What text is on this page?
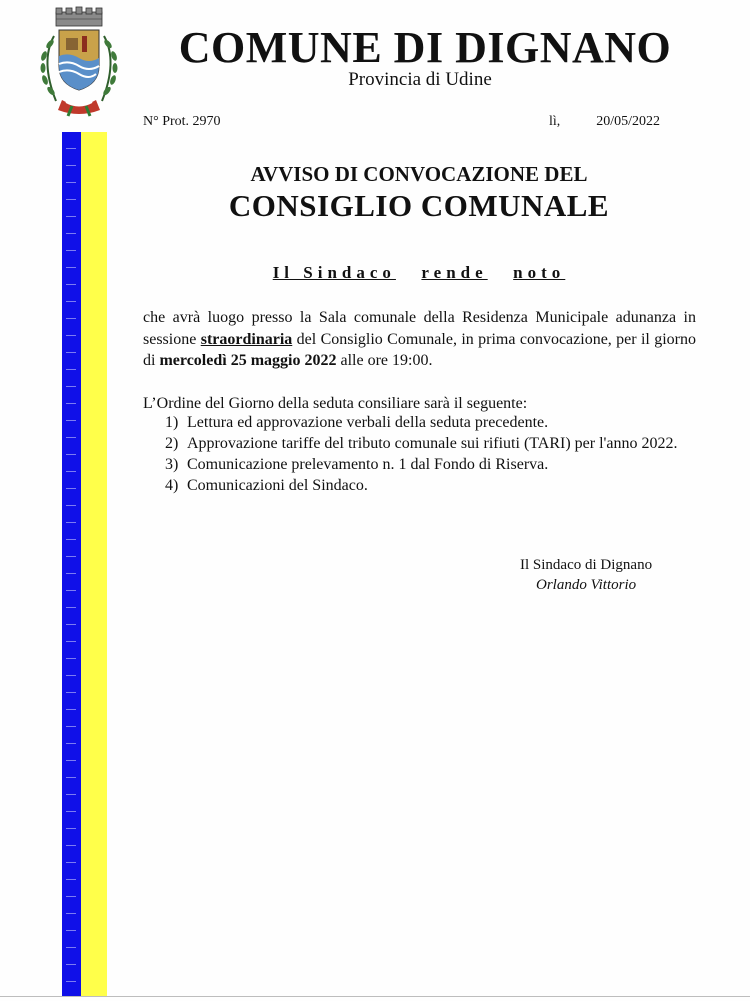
COMUNE DI DIGNANO
Provincia di Udine
N° Prot. 2970	lì,	20/05/2022
AVVISO DI CONVOCAZIONE DEL
CONSIGLIO COMUNALE
Il Sindaco rende noto
che avrà luogo presso la Sala comunale della Residenza Municipale adunanza in sessione straordinaria del Consiglio Comunale, in prima convocazione, per il giorno di mercoledì 25 maggio 2022 alle ore 19:00.
L’Ordine del Giorno della seduta consiliare sarà il seguente:
1) Lettura ed approvazione verbali della seduta precedente.
2) Approvazione tariffe del tributo comunale sui rifiuti (TARI) per l'anno 2022.
3) Comunicazione prelevamento n. 1 dal Fondo di Riserva.
4) Comunicazioni del Sindaco.
Il Sindaco di Dignano
Orlando Vittorio
